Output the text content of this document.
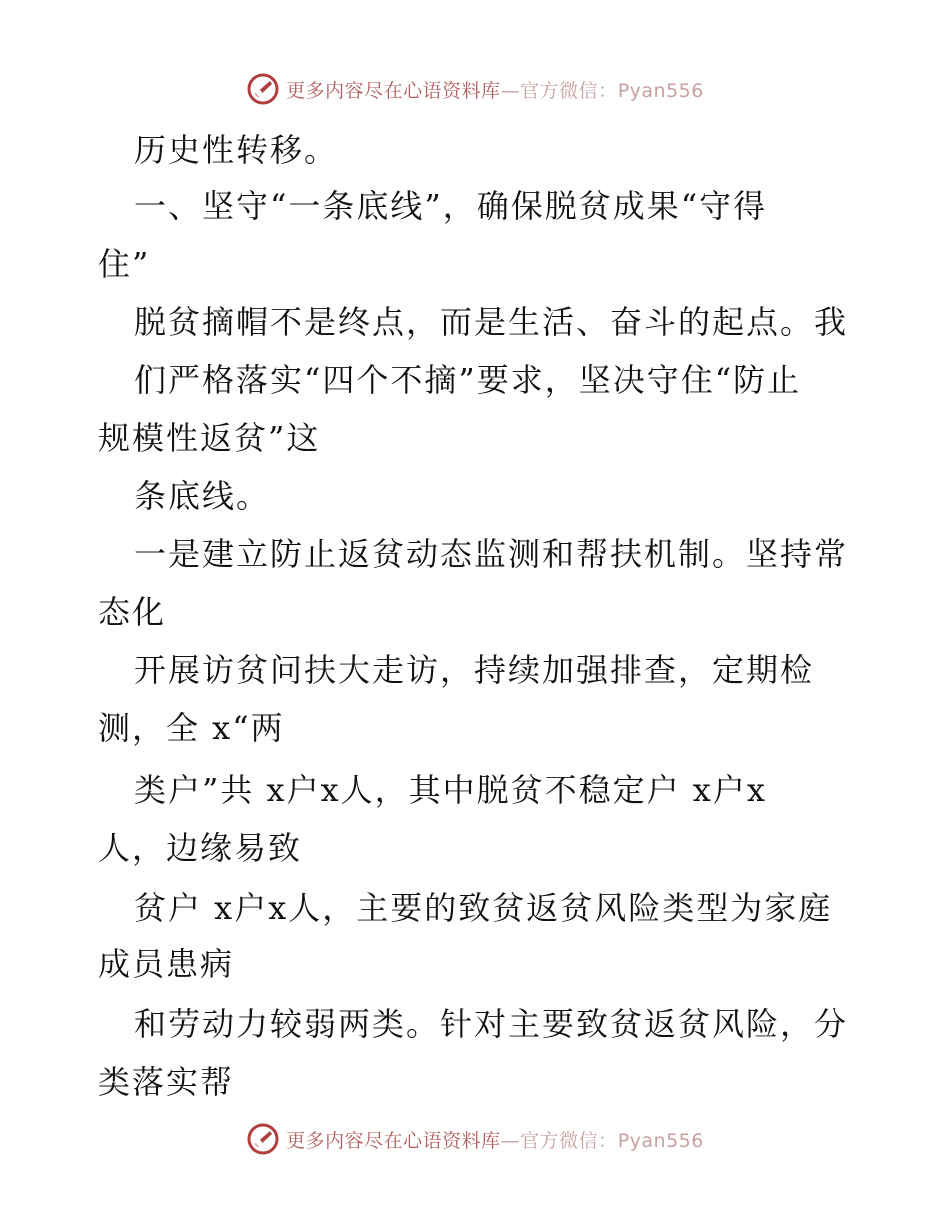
更多内容尽在心语资料库—官方微信：Pyan556
历史性转移。
一、坚守“一条底线”，确保脱贫成果“守得
住”
脱贫摘帽不是终点，而是生活、奋斗的起点。我
们严格落实“四个不摘”要求，坚决守住“防止
规模性返贫”这
条底线。
一是建立防止返贫动态监测和帮扶机制。坚持常
态化
开展访贫问扶大走访，持续加强排查，定期检
测，全 x“两
类户”共 x户x人，其中脱贫不稳定户 x户x
人，边缘易致
贫户 x户x人，主要的致贫返贫风险类型为家庭
成员患病
和劳动力较弱两类。针对主要致贫返贫风险，分
类落实帮
更多内容尽在心语资料库—官方微信：Pyan556
